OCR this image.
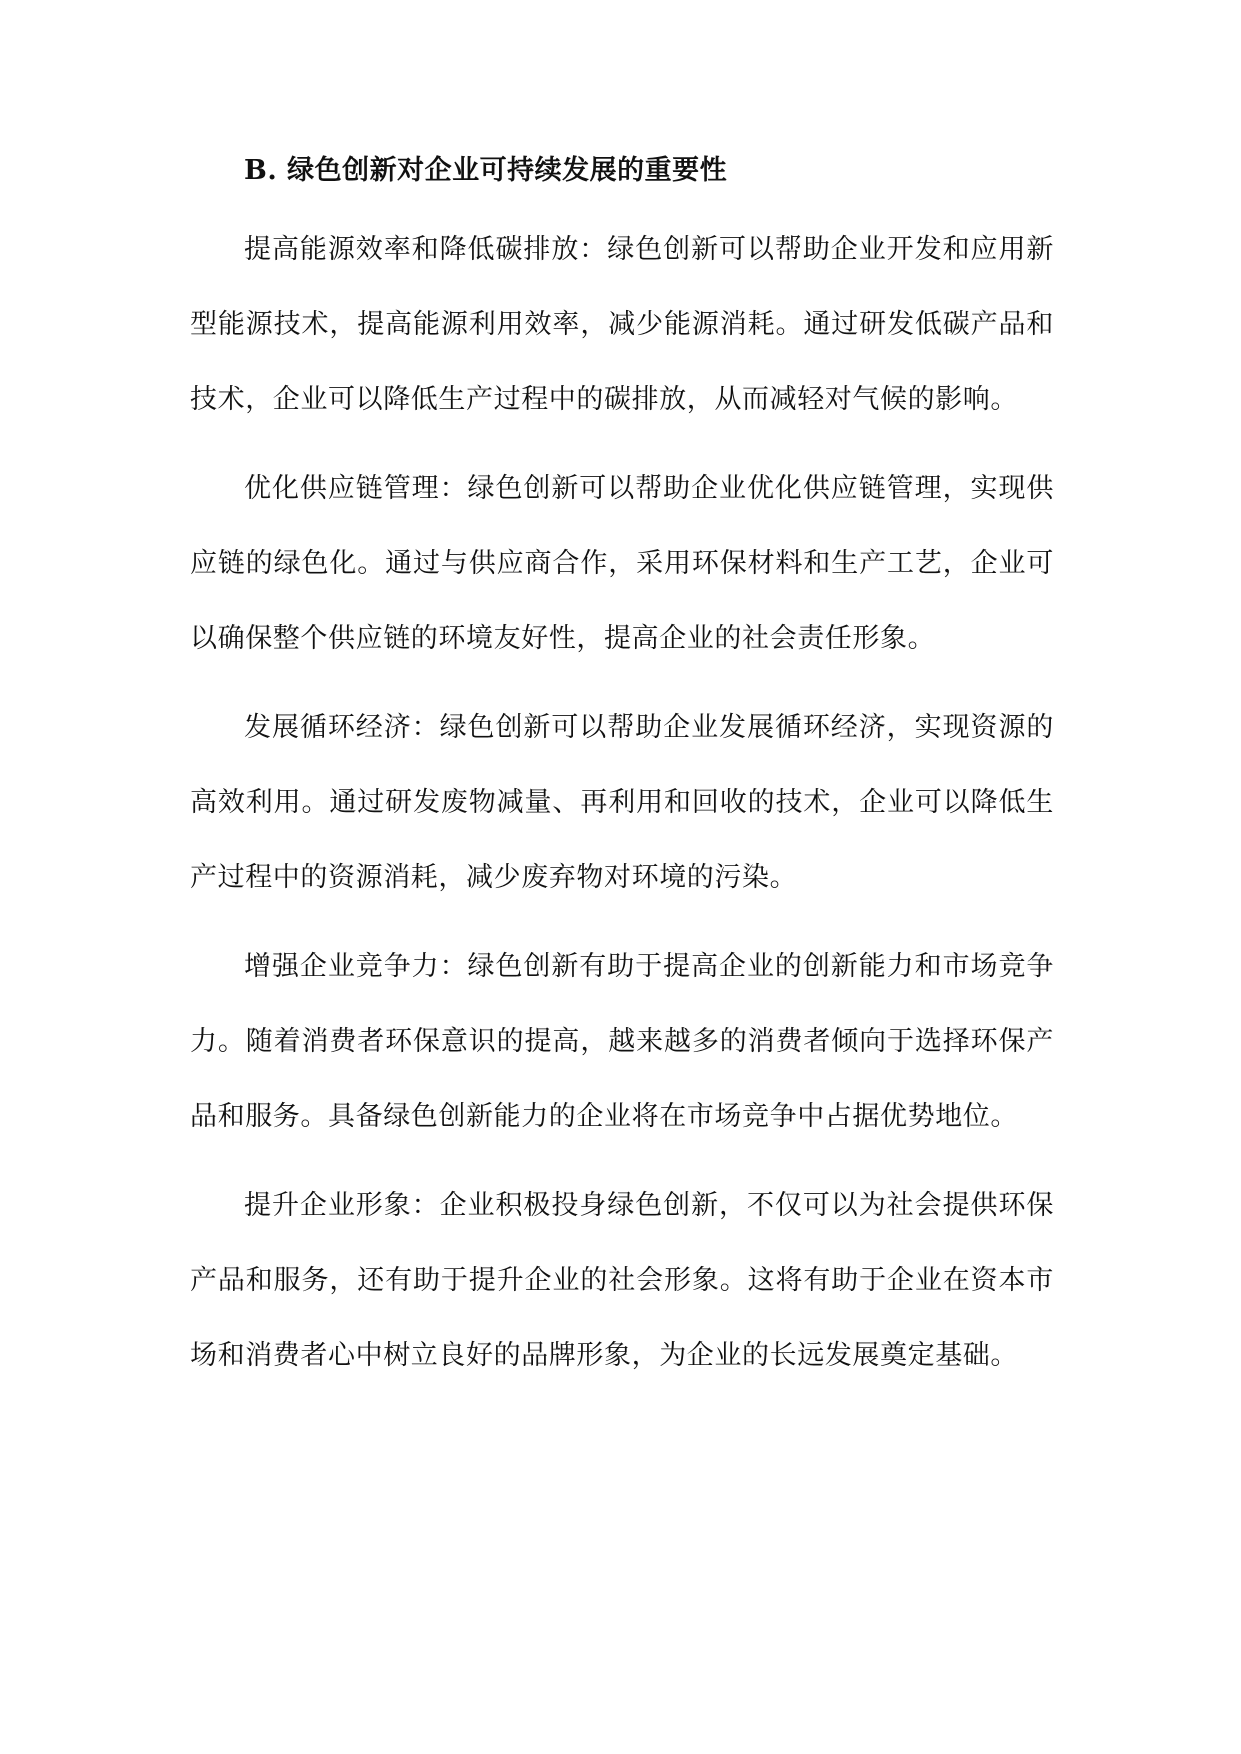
B. 绿色创新对企业可持续发展的重要性

提高能源效率和降低碳排放：绿色创新可以帮助企业开发和应用新型能源技术，提高能源利用效率，减少能源消耗。通过研发低碳产品和技术，企业可以降低生产过程中的碳排放，从而减轻对气候的影响。

优化供应链管理：绿色创新可以帮助企业优化供应链管理，实现供应链的绿色化。通过与供应商合作，采用环保材料和生产工艺，企业可以确保整个供应链的环境友好性，提高企业的社会责任形象。

发展循环经济：绿色创新可以帮助企业发展循环经济，实现资源的高效利用。通过研发废物减量、再利用和回收的技术，企业可以降低生产过程中的资源消耗，减少废弃物对环境的污染。

增强企业竞争力：绿色创新有助于提高企业的创新能力和市场竞争力。随着消费者环保意识的提高，越来越多的消费者倾向于选择环保产品和服务。具备绿色创新能力的企业将在市场竞争中占据优势地位。

提升企业形象：企业积极投身绿色创新，不仅可以为社会提供环保产品和服务，还有助于提升企业的社会形象。这将有助于企业在资本市场和消费者心中树立良好的品牌形象，为企业的长远发展奠定基础。
